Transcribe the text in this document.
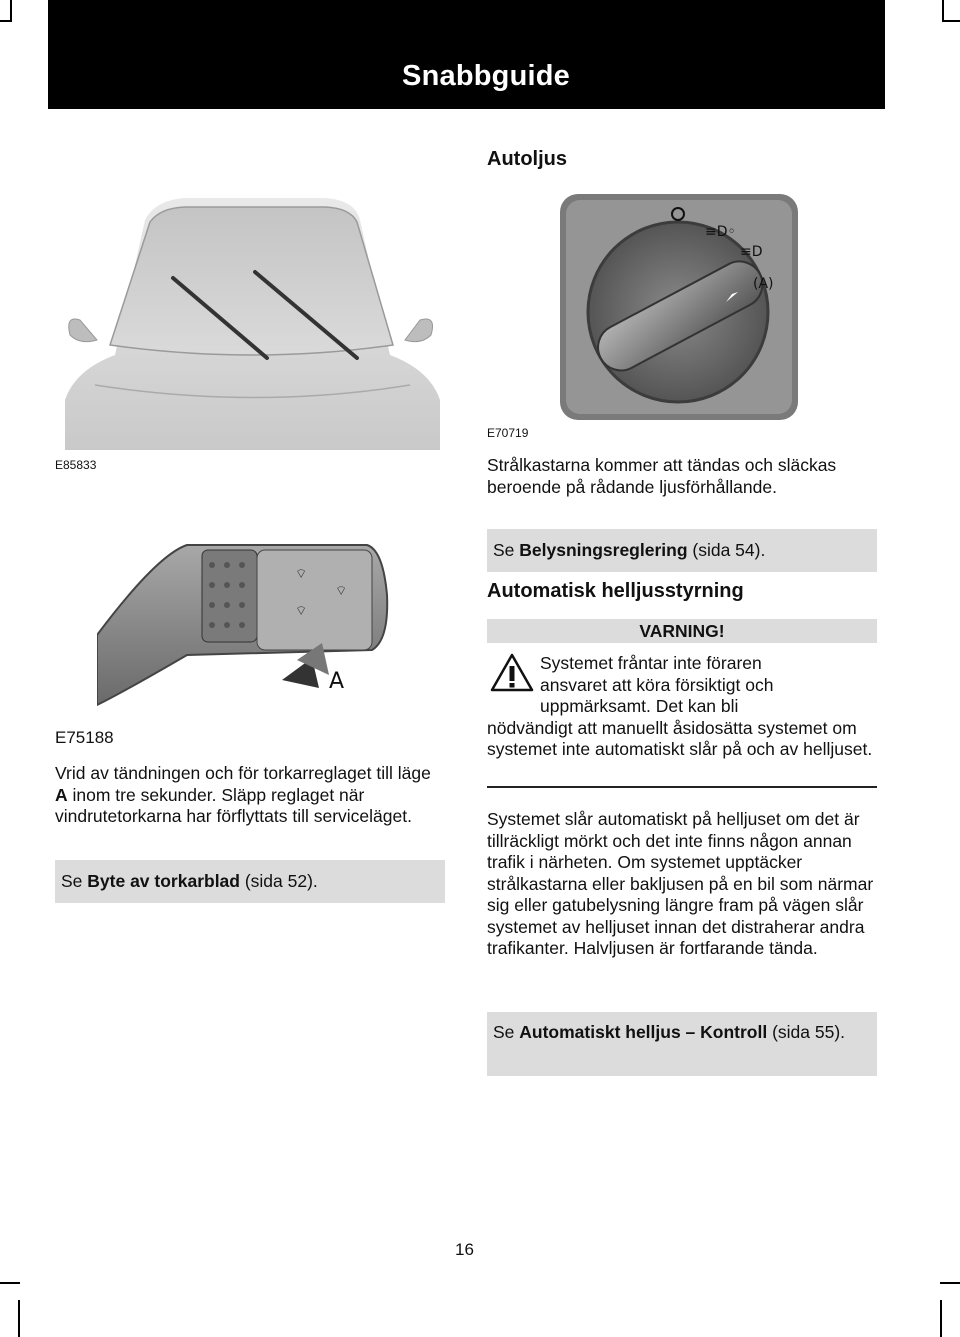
Snabbguide
E85833
Autoljus
≡D◦
≡D
(A)
E70719
Strålkastarna kommer att tändas och släckas beroende på rådande ljusförhållande.
Se Belysningsreglering (sida 54).
⌔
⌔
⌔
A
E75188
Vrid av tändningen och för torkarreglaget till läge A inom tre sekunder. Släpp reglaget när vindrutetorkarna har förflyttats till serviceläget.
Se Byte av torkarblad (sida 52).
Automatisk helljusstyrning
VARNING!
Systemet fråntar inte föraren
ansvaret att köra försiktigt och
uppmärksamt. Det kan bli
nödvändigt att manuellt åsidosätta systemet om systemet inte automatiskt slår på och av helljuset.
Systemet slår automatiskt på helljuset om det är tillräckligt mörkt och det inte finns någon annan trafik i närheten. Om systemet upptäcker strålkastarna eller bakljusen på en bil som närmar sig eller gatubelysning längre fram på vägen slår systemet av helljuset innan det distraherar andra trafikanter. Halvljusen är fortfarande tända.
Se Automatiskt helljus – Kontroll (sida 55).
16
